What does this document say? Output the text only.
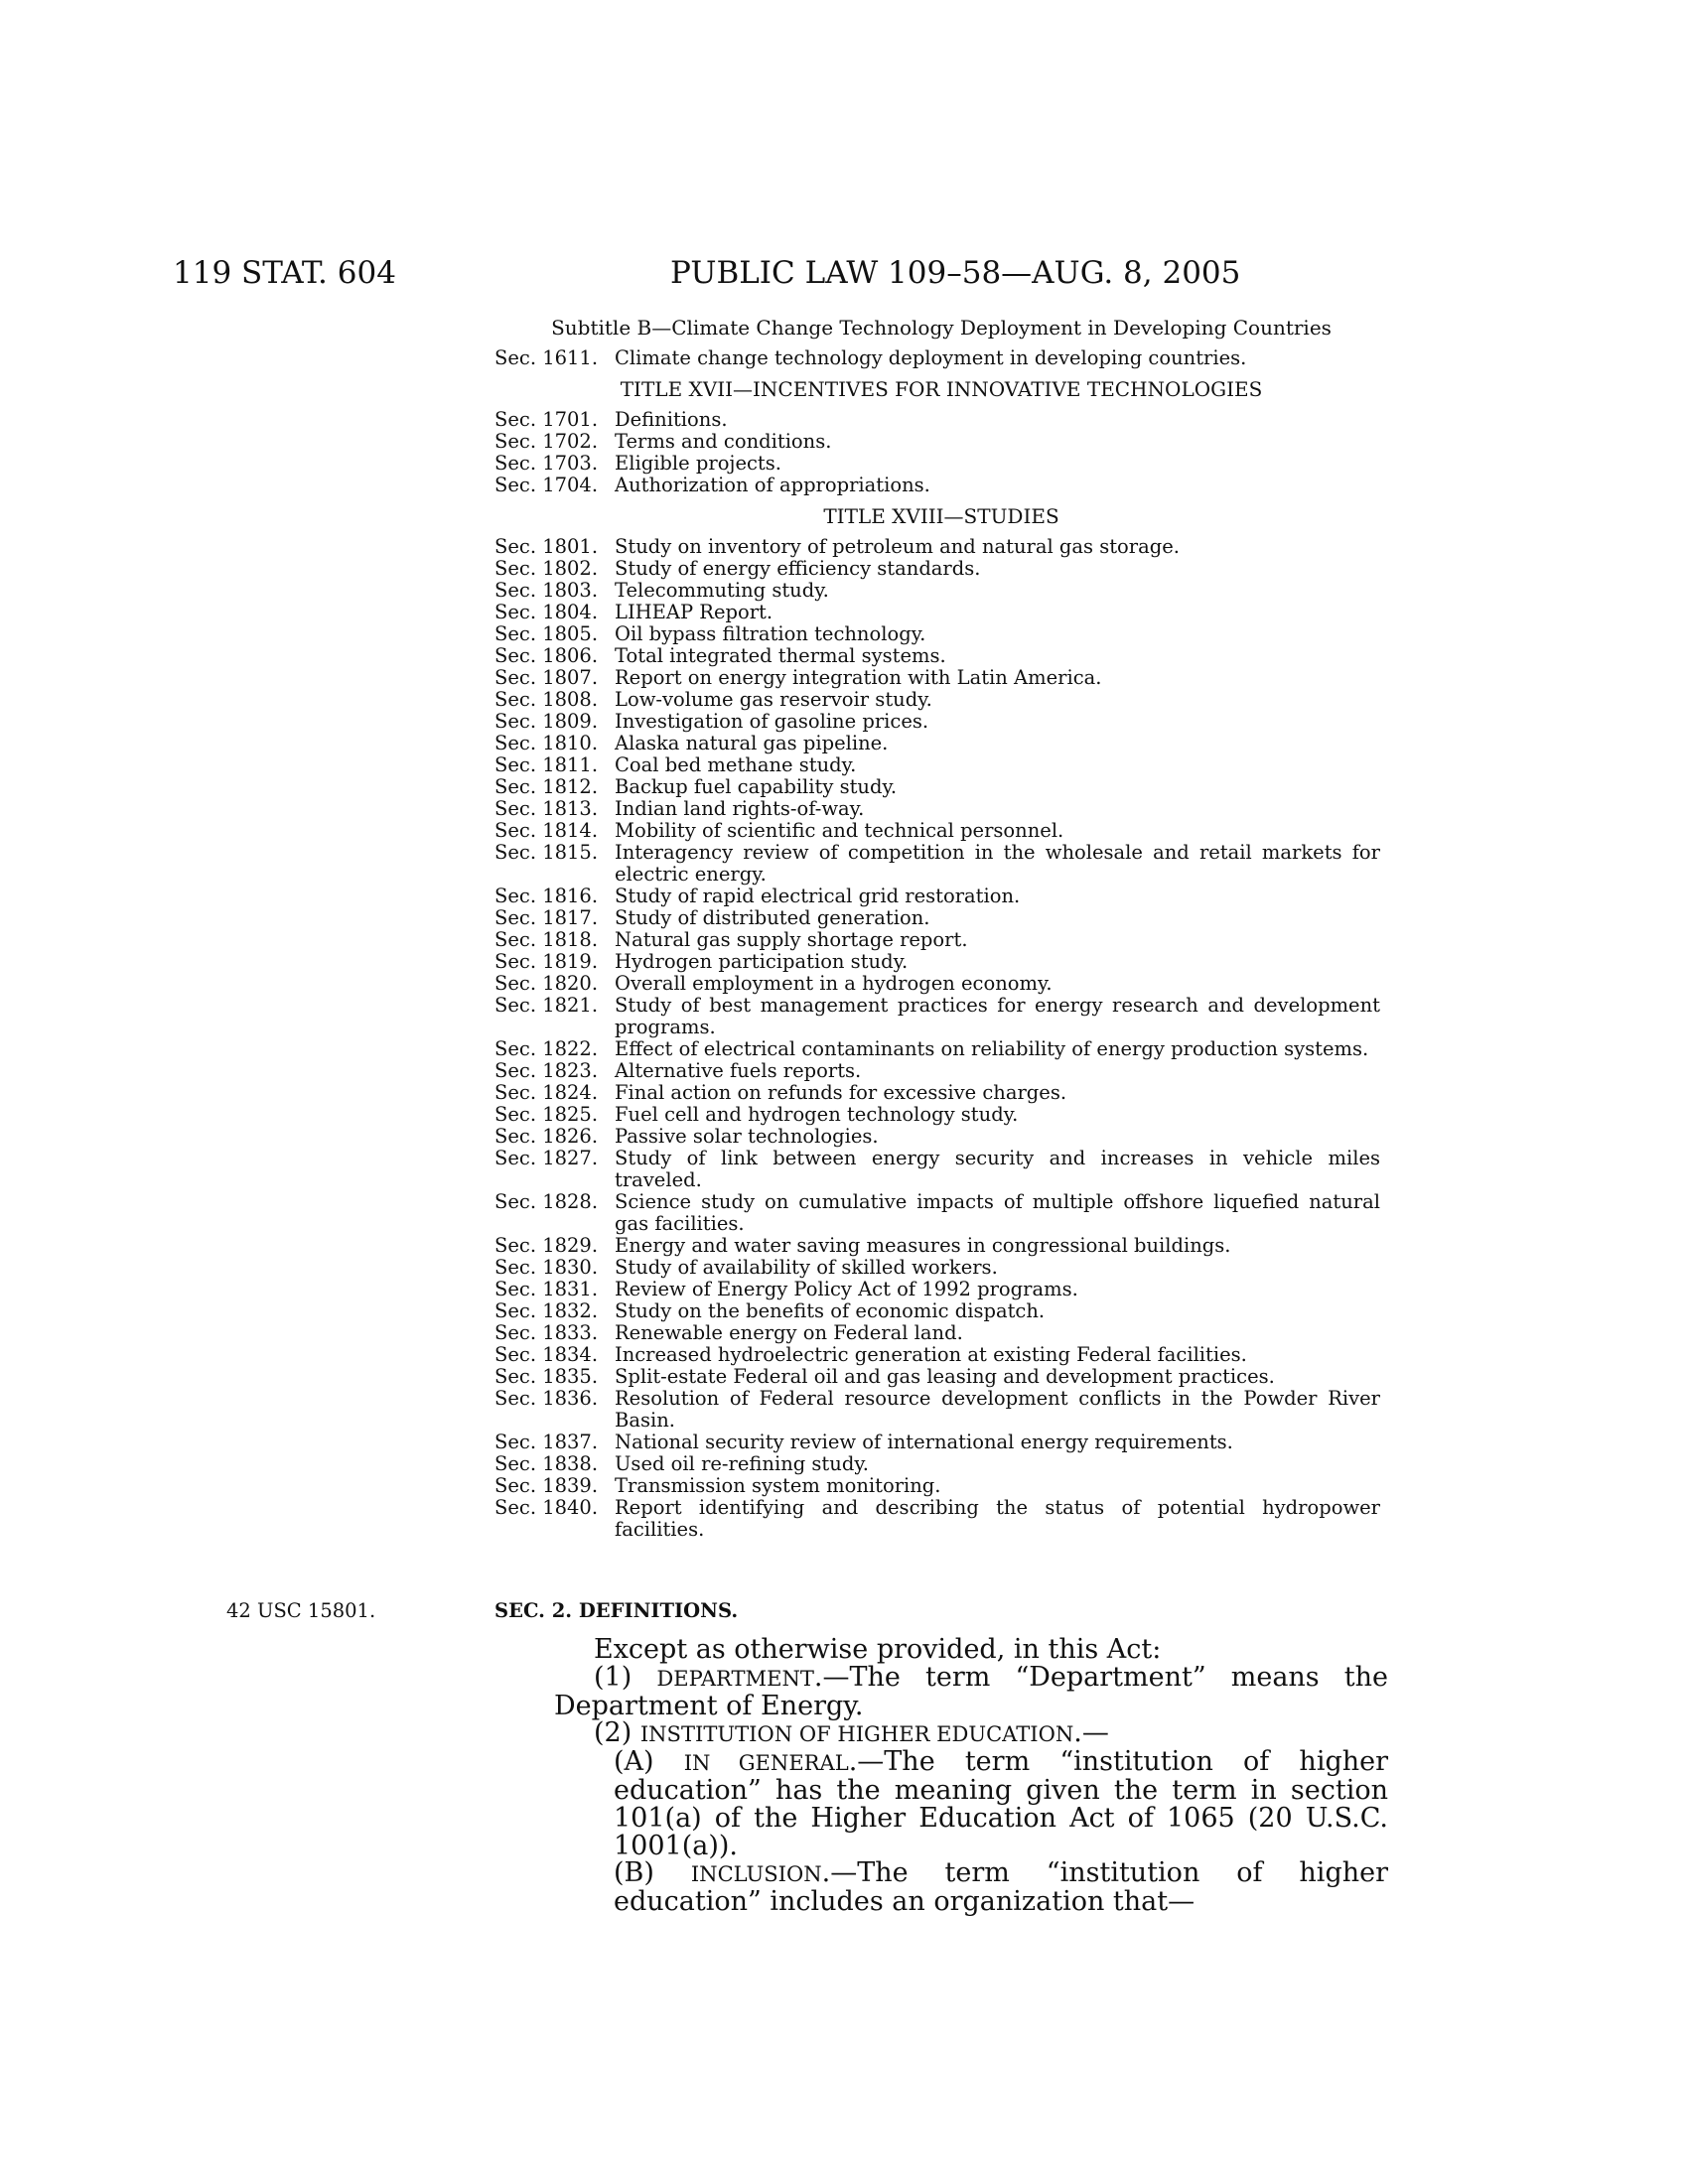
119 STAT. 604	PUBLIC LAW 109–58—AUG. 8, 2005
Subtitle B—Climate Change Technology Deployment in Developing Countries
Sec. 1611. Climate change technology deployment in developing countries.
TITLE XVII—INCENTIVES FOR INNOVATIVE TECHNOLOGIES
Sec. 1701. Definitions.
Sec. 1702. Terms and conditions.
Sec. 1703. Eligible projects.
Sec. 1704. Authorization of appropriations.
TITLE XVIII—STUDIES
Sec. 1801. Study on inventory of petroleum and natural gas storage.
Sec. 1802. Study of energy efficiency standards.
Sec. 1803. Telecommuting study.
Sec. 1804. LIHEAP Report.
Sec. 1805. Oil bypass filtration technology.
Sec. 1806. Total integrated thermal systems.
Sec. 1807. Report on energy integration with Latin America.
Sec. 1808. Low-volume gas reservoir study.
Sec. 1809. Investigation of gasoline prices.
Sec. 1810. Alaska natural gas pipeline.
Sec. 1811. Coal bed methane study.
Sec. 1812. Backup fuel capability study.
Sec. 1813. Indian land rights-of-way.
Sec. 1814. Mobility of scientific and technical personnel.
Sec. 1815. Interagency review of competition in the wholesale and retail markets for electric energy.
Sec. 1816. Study of rapid electrical grid restoration.
Sec. 1817. Study of distributed generation.
Sec. 1818. Natural gas supply shortage report.
Sec. 1819. Hydrogen participation study.
Sec. 1820. Overall employment in a hydrogen economy.
Sec. 1821. Study of best management practices for energy research and development programs.
Sec. 1822. Effect of electrical contaminants on reliability of energy production systems.
Sec. 1823. Alternative fuels reports.
Sec. 1824. Final action on refunds for excessive charges.
Sec. 1825. Fuel cell and hydrogen technology study.
Sec. 1826. Passive solar technologies.
Sec. 1827. Study of link between energy security and increases in vehicle miles traveled.
Sec. 1828. Science study on cumulative impacts of multiple offshore liquefied natural gas facilities.
Sec. 1829. Energy and water saving measures in congressional buildings.
Sec. 1830. Study of availability of skilled workers.
Sec. 1831. Review of Energy Policy Act of 1992 programs.
Sec. 1832. Study on the benefits of economic dispatch.
Sec. 1833. Renewable energy on Federal land.
Sec. 1834. Increased hydroelectric generation at existing Federal facilities.
Sec. 1835. Split-estate Federal oil and gas leasing and development practices.
Sec. 1836. Resolution of Federal resource development conflicts in the Powder River Basin.
Sec. 1837. National security review of international energy requirements.
Sec. 1838. Used oil re-refining study.
Sec. 1839. Transmission system monitoring.
Sec. 1840. Report identifying and describing the status of potential hydropower facilities.
42 USC 15801.	SEC. 2. DEFINITIONS.

Except as otherwise provided, in this Act:

(1) DEPARTMENT.—The term “Department” means the Department of Energy.

(2) INSTITUTION OF HIGHER EDUCATION.—

(A) IN GENERAL.—The term “institution of higher education” has the meaning given the term in section 101(a) of the Higher Education Act of 1065 (20 U.S.C. 1001(a)).

(B) INCLUSION.—The term “institution of higher education” includes an organization that—
